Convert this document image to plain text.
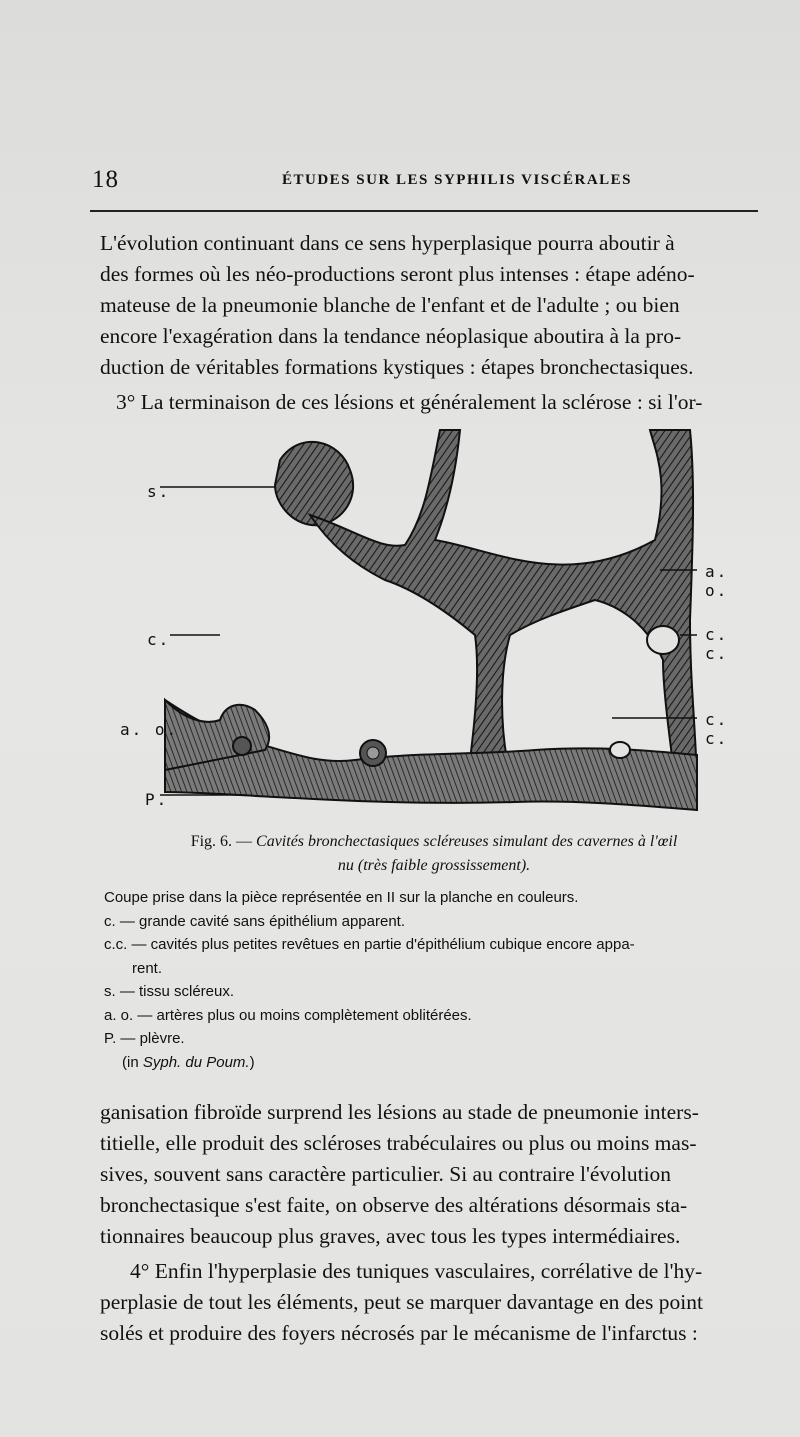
18	ÉTUDES SUR LES SYPHILIS VISCÉRALES
L'évolution continuant dans ce sens hyperplasique pourra aboutir à
des formes où les néo-productions seront plus intenses : étape adéno-
mateuse de la pneumonie blanche de l'enfant et de l'adulte ; ou bien
encore l'exagération dans la tendance néoplasique aboutira à la pro-
duction de véritables formations kystiques : étapes bronchectasiques.
3° La terminaison de ces lésions et généralement la sclérose : si l'or-
s.
c.
a. o.
P.
a. o.
c. c.
c. c.
Fig. 6. — Cavités bronchectasiques scléreuses simulant des cavernes à l'œil
nu (très faible grossissement).
Coupe prise dans la pièce représentée en II sur la planche en couleurs.
c. — grande cavité sans épithélium apparent.
c.c. — cavités plus petites revêtues en partie d'épithélium cubique encore appa-
rent.
s. — tissu scléreux.
a. o. — artères plus ou moins complètement oblitérées.
P. — plèvre.
(in Syph. du Poum.)
ganisation fibroïde surprend les lésions au stade de pneumonie inters-
titielle, elle produit des scléroses trabéculaires ou plus ou moins mas-
sives, souvent sans caractère particulier. Si au contraire l'évolution
bronchectasique s'est faite, on observe des altérations désormais sta-
tionnaires beaucoup plus graves, avec tous les types intermédiaires.
4° Enfin l'hyperplasie des tuniques vasculaires, corrélative de l'hy-
perplasie de tout les éléments, peut se marquer davantage en des point
solés et produire des foyers nécrosés par le mécanisme de l'infarctus :
